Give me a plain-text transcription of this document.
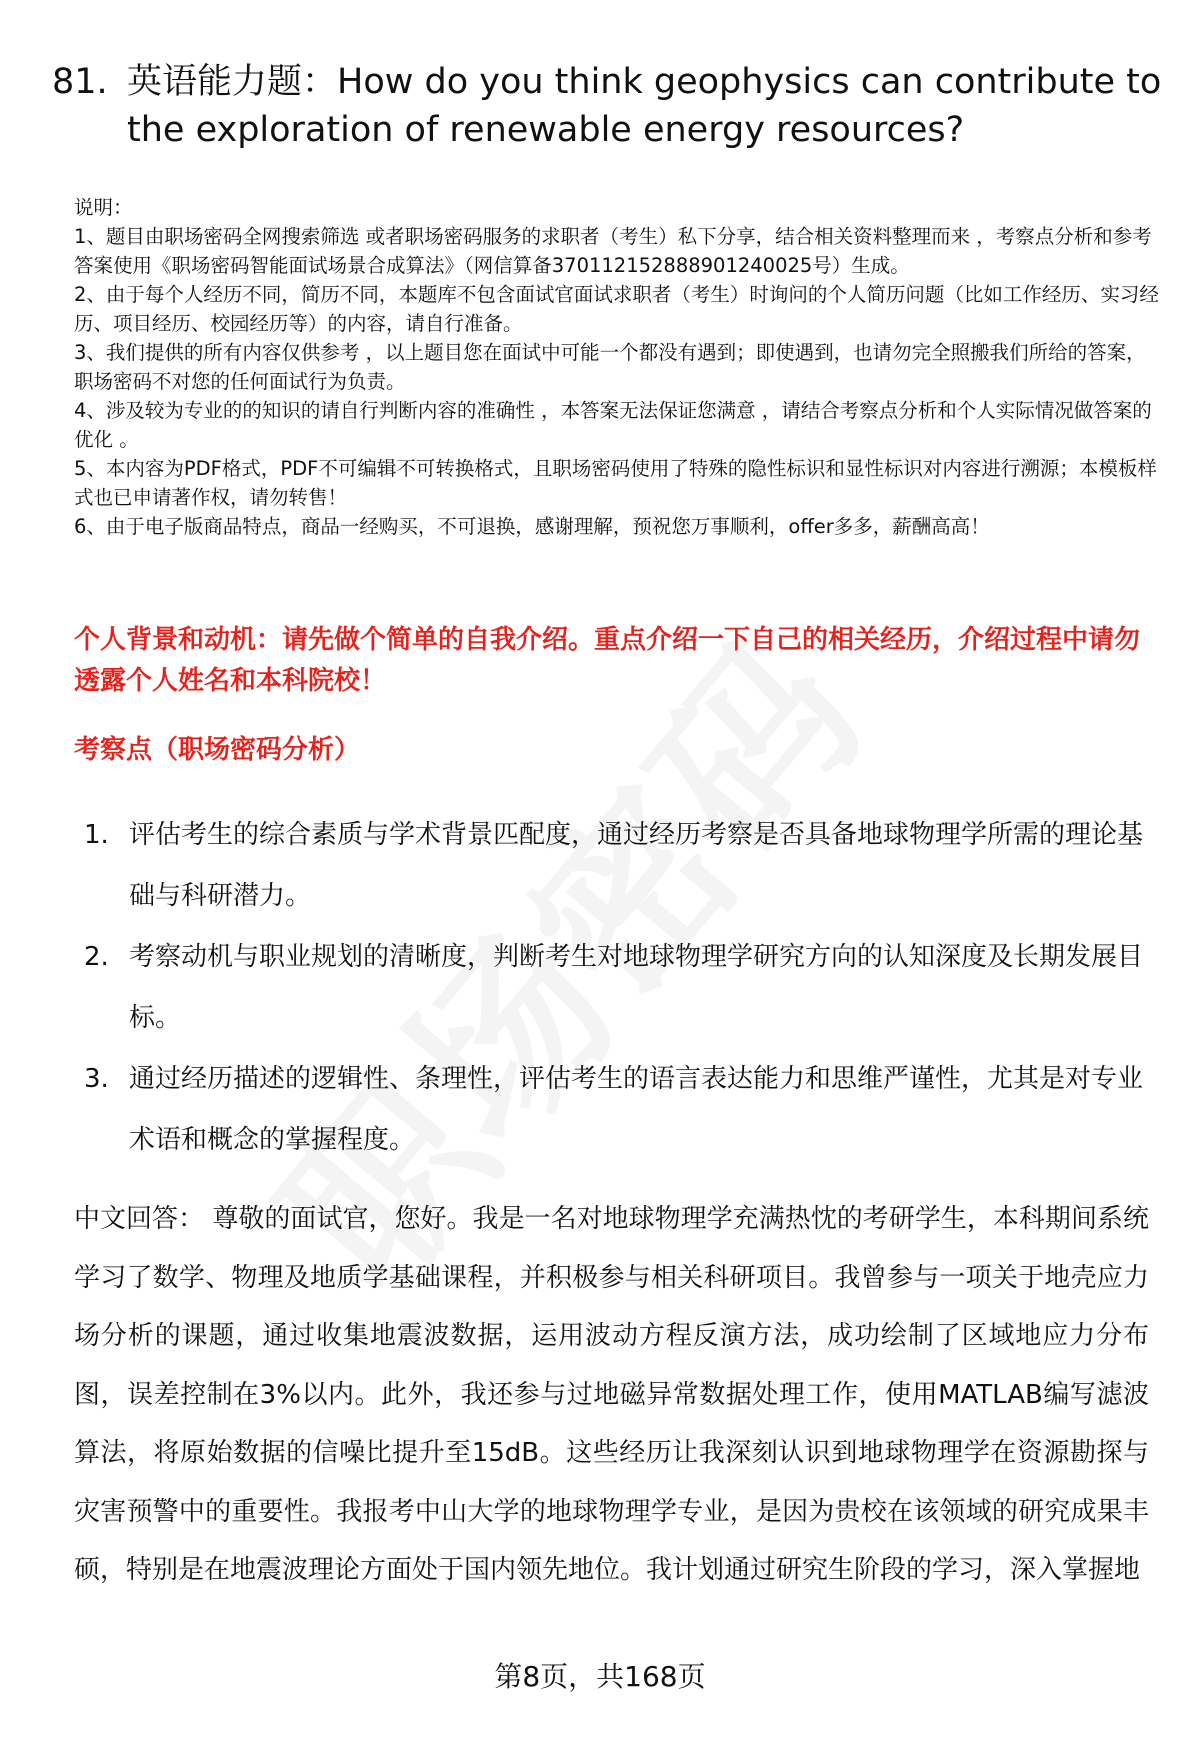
81. 英语能力题：How do you think geophysics can contribute to the exploration of renewable energy resources?
说明：
1、题目由职场密码全网搜索筛选 或者职场密码服务的求职者（考生）私下分享，结合相关资料整理而来 ，考察点分析和参考答案使用《职场密码智能面试场景合成算法》（网信算备370112152888901240025号）生成。
2、由于每个人经历不同，简历不同，本题库不包含面试官面试求职者（考生）时询问的个人简历问题（比如工作经历、实习经历、项目经历、校园经历等）的内容，请自行准备。
3、我们提供的所有内容仅供参考 ，以上题目您在面试中可能一个都没有遇到；即使遇到，也请勿完全照搬我们所给的答案，职场密码不对您的任何面试行为负责。
4、涉及较为专业的的知识的请自行判断内容的准确性 ，本答案无法保证您满意 ，请结合考察点分析和个人实际情况做答案的优化 。
5、本内容为PDF格式，PDF不可编辑不可转换格式，且职场密码使用了特殊的隐性标识和显性标识对内容进行溯源；本模板样式也已申请著作权，请勿转售！
6、由于电子版商品特点，商品一经购买，不可退换，感谢理解，预祝您万事顺利，offer多多，薪酬高高！
个人背景和动机：请先做个简单的自我介绍。重点介绍一下自己的相关经历，介绍过程中请勿透露个人姓名和本科院校！
考察点（职场密码分析）
1. 评估考生的综合素质与学术背景匹配度，通过经历考察是否具备地球物理学所需的理论基础与科研潜力。
2. 考察动机与职业规划的清晰度，判断考生对地球物理学研究方向的认知深度及长期发展目标。
3. 通过经历描述的逻辑性、条理性，评估考生的语言表达能力和思维严谨性，尤其是对专业术语和概念的掌握程度。
中文回答： 尊敬的面试官，您好。我是一名对地球物理学充满热忱的考研学生，本科期间系统学习了数学、物理及地质学基础课程，并积极参与相关科研项目。我曾参与一项关于地壳应力场分析的课题，通过收集地震波数据，运用波动方程反演方法，成功绘制了区域地应力分布图，误差控制在3%以内。此外，我还参与过地磁异常数据处理工作，使用MATLAB编写滤波算法，将原始数据的信噪比提升至15dB。这些经历让我深刻认识到地球物理学在资源勘探与灾害预警中的重要性。我报考中山大学的地球物理学专业，是因为贵校在该领域的研究成果丰硕，特别是在地震波理论方面处于国内领先地位。我计划通过研究生阶段的学习，深入掌握地
第8页，共168页
